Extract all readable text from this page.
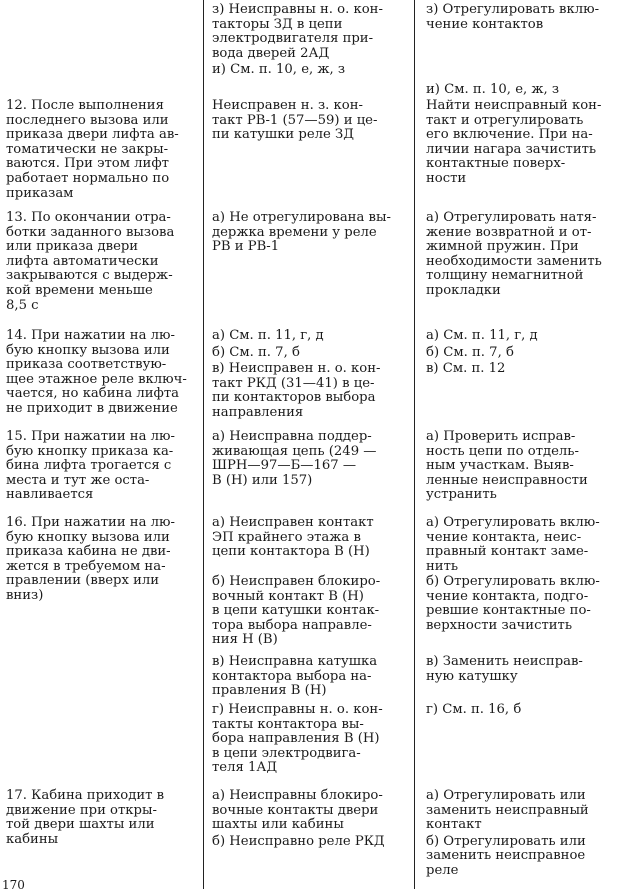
з) Неисправны н. о. кон-
такторы ЗД в цепи
электродвигателя при-
вода дверей 2АД
и) См. п. 10, е, ж, з
з) Отрегулировать вклю-
чение контактов
и) См. п. 10, е, ж, з
12. После выполнения
последнего вызова или
приказа двери лифта ав-
томатически не закры-
ваются. При этом лифт
работает нормально по
приказам
Неисправен н. з. кон-
такт РВ-1 (57—59) и це-
пи катушки реле ЗД
Найти неисправный кон-
такт и отрегулировать
его включение. При на-
личии нагара зачистить
контактные поверх-
ности
13. По окончании отра-
ботки заданного вызова
или приказа двери
лифта автоматически
закрываются с выдерж-
кой времени меньше
8,5 с
а) Не отрегулирована вы-
держка времени у реле
РВ и РВ-1
а) Отрегулировать натя-
жение возвратной и от-
жимной пружин. При
необходимости заменить
толщину немагнитной
прокладки
14. При нажатии на лю-
бую кнопку вызова или
приказа соответствую-
щее этажное реле включ-
чается, но кабина лифта
не приходит в движение
а) См. п. 11, г, д
б) См. п. 7, б
в) Неисправен н. о. кон-
такт РКД (31—41) в це-
пи контакторов выбора
направления
а) См. п. 11, г, д
б) См. п. 7, б
в) См. п. 12
15. При нажатии на лю-
бую кнопку приказа ка-
бина лифта трогается с
места и тут же оста-
навливается
а) Неисправна поддер-
живающая цепь (249 —
ШРН—97—Б—167 —
В (Н) или 157)
а) Проверить исправ-
ность цепи по отдель-
ным участкам. Выяв-
ленные неисправности
устранить
16. При нажатии на лю-
бую кнопку вызова или
приказа кабина не дви-
жется в требуемом на-
правлении (вверх или
вниз)
а) Неисправен контакт
ЭП крайнего этажа в
цепи контактора В (Н)
а) Отрегулировать вклю-
чение контакта, неис-
правный контакт заме-
нить
б) Неисправен блокиро-
вочный контакт В (Н)
в цепи катушки контак-
тора выбора направле-
ния Н (В)
б) Отрегулировать вклю-
чение контакта, подго-
ревшие контактные по-
верхности зачистить
в) Неисправна катушка
контактора выбора на-
правления В (Н)
в) Заменить неисправ-
ную катушку
г) Неисправны н. о. кон-
такты контактора вы-
бора направления В (Н)
в цепи электродвига-
теля 1АД
г) См. п. 16, б
17. Кабина приходит в
движение при откры-
той двери шахты или
кабины
а) Неисправны блокиро-
вочные контакты двери
шахты или кабины
б) Неисправно реле РКД
а) Отрегулировать или
заменить неисправный
контакт
б) Отрегулировать или
заменить неисправное
реле
170
